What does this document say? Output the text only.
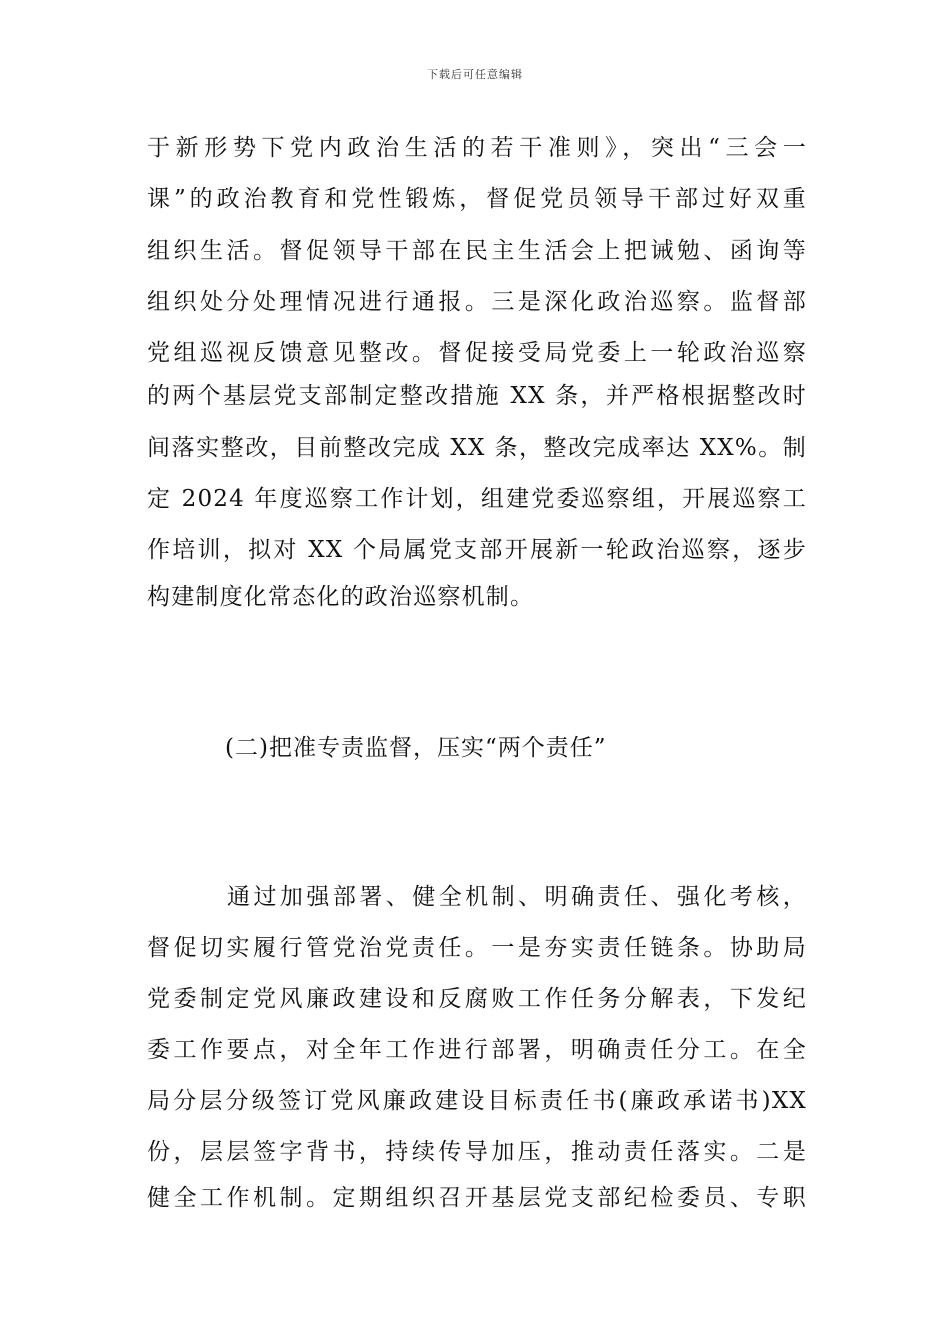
下载后可任意编辑
于新形势下党内政治生活的若干准则》，突出“三会一
课”的政治教育和党性锻炼，督促党员领导干部过好双重
组织生活。督促领导干部在民主生活会上把诫勉、函询等
组织处分处理情况进行通报。三是深化政治巡察。监督部
党组巡视反馈意见整改。督促接受局党委上一轮政治巡察
的两个基层党支部制定整改措施 XX 条，并严格根据整改时
间落实整改，目前整改完成 XX 条，整改完成率达 XX%。制
定 2024 年度巡察工作计划，组建党委巡察组，开展巡察工
作培训，拟对 XX 个局属党支部开展新一轮政治巡察，逐步
构建制度化常态化的政治巡察机制。
(二)把准专责监督，压实“两个责任”
通过加强部署、健全机制、明确责任、强化考核，
督促切实履行管党治党责任。一是夯实责任链条。协助局
党委制定党风廉政建设和反腐败工作任务分解表，下发纪
委工作要点，对全年工作进行部署，明确责任分工。在全
局分层分级签订党风廉政建设目标责任书(廉政承诺书)XX
份，层层签字背书，持续传导加压，推动责任落实。二是
健全工作机制。定期组织召开基层党支部纪检委员、专职
